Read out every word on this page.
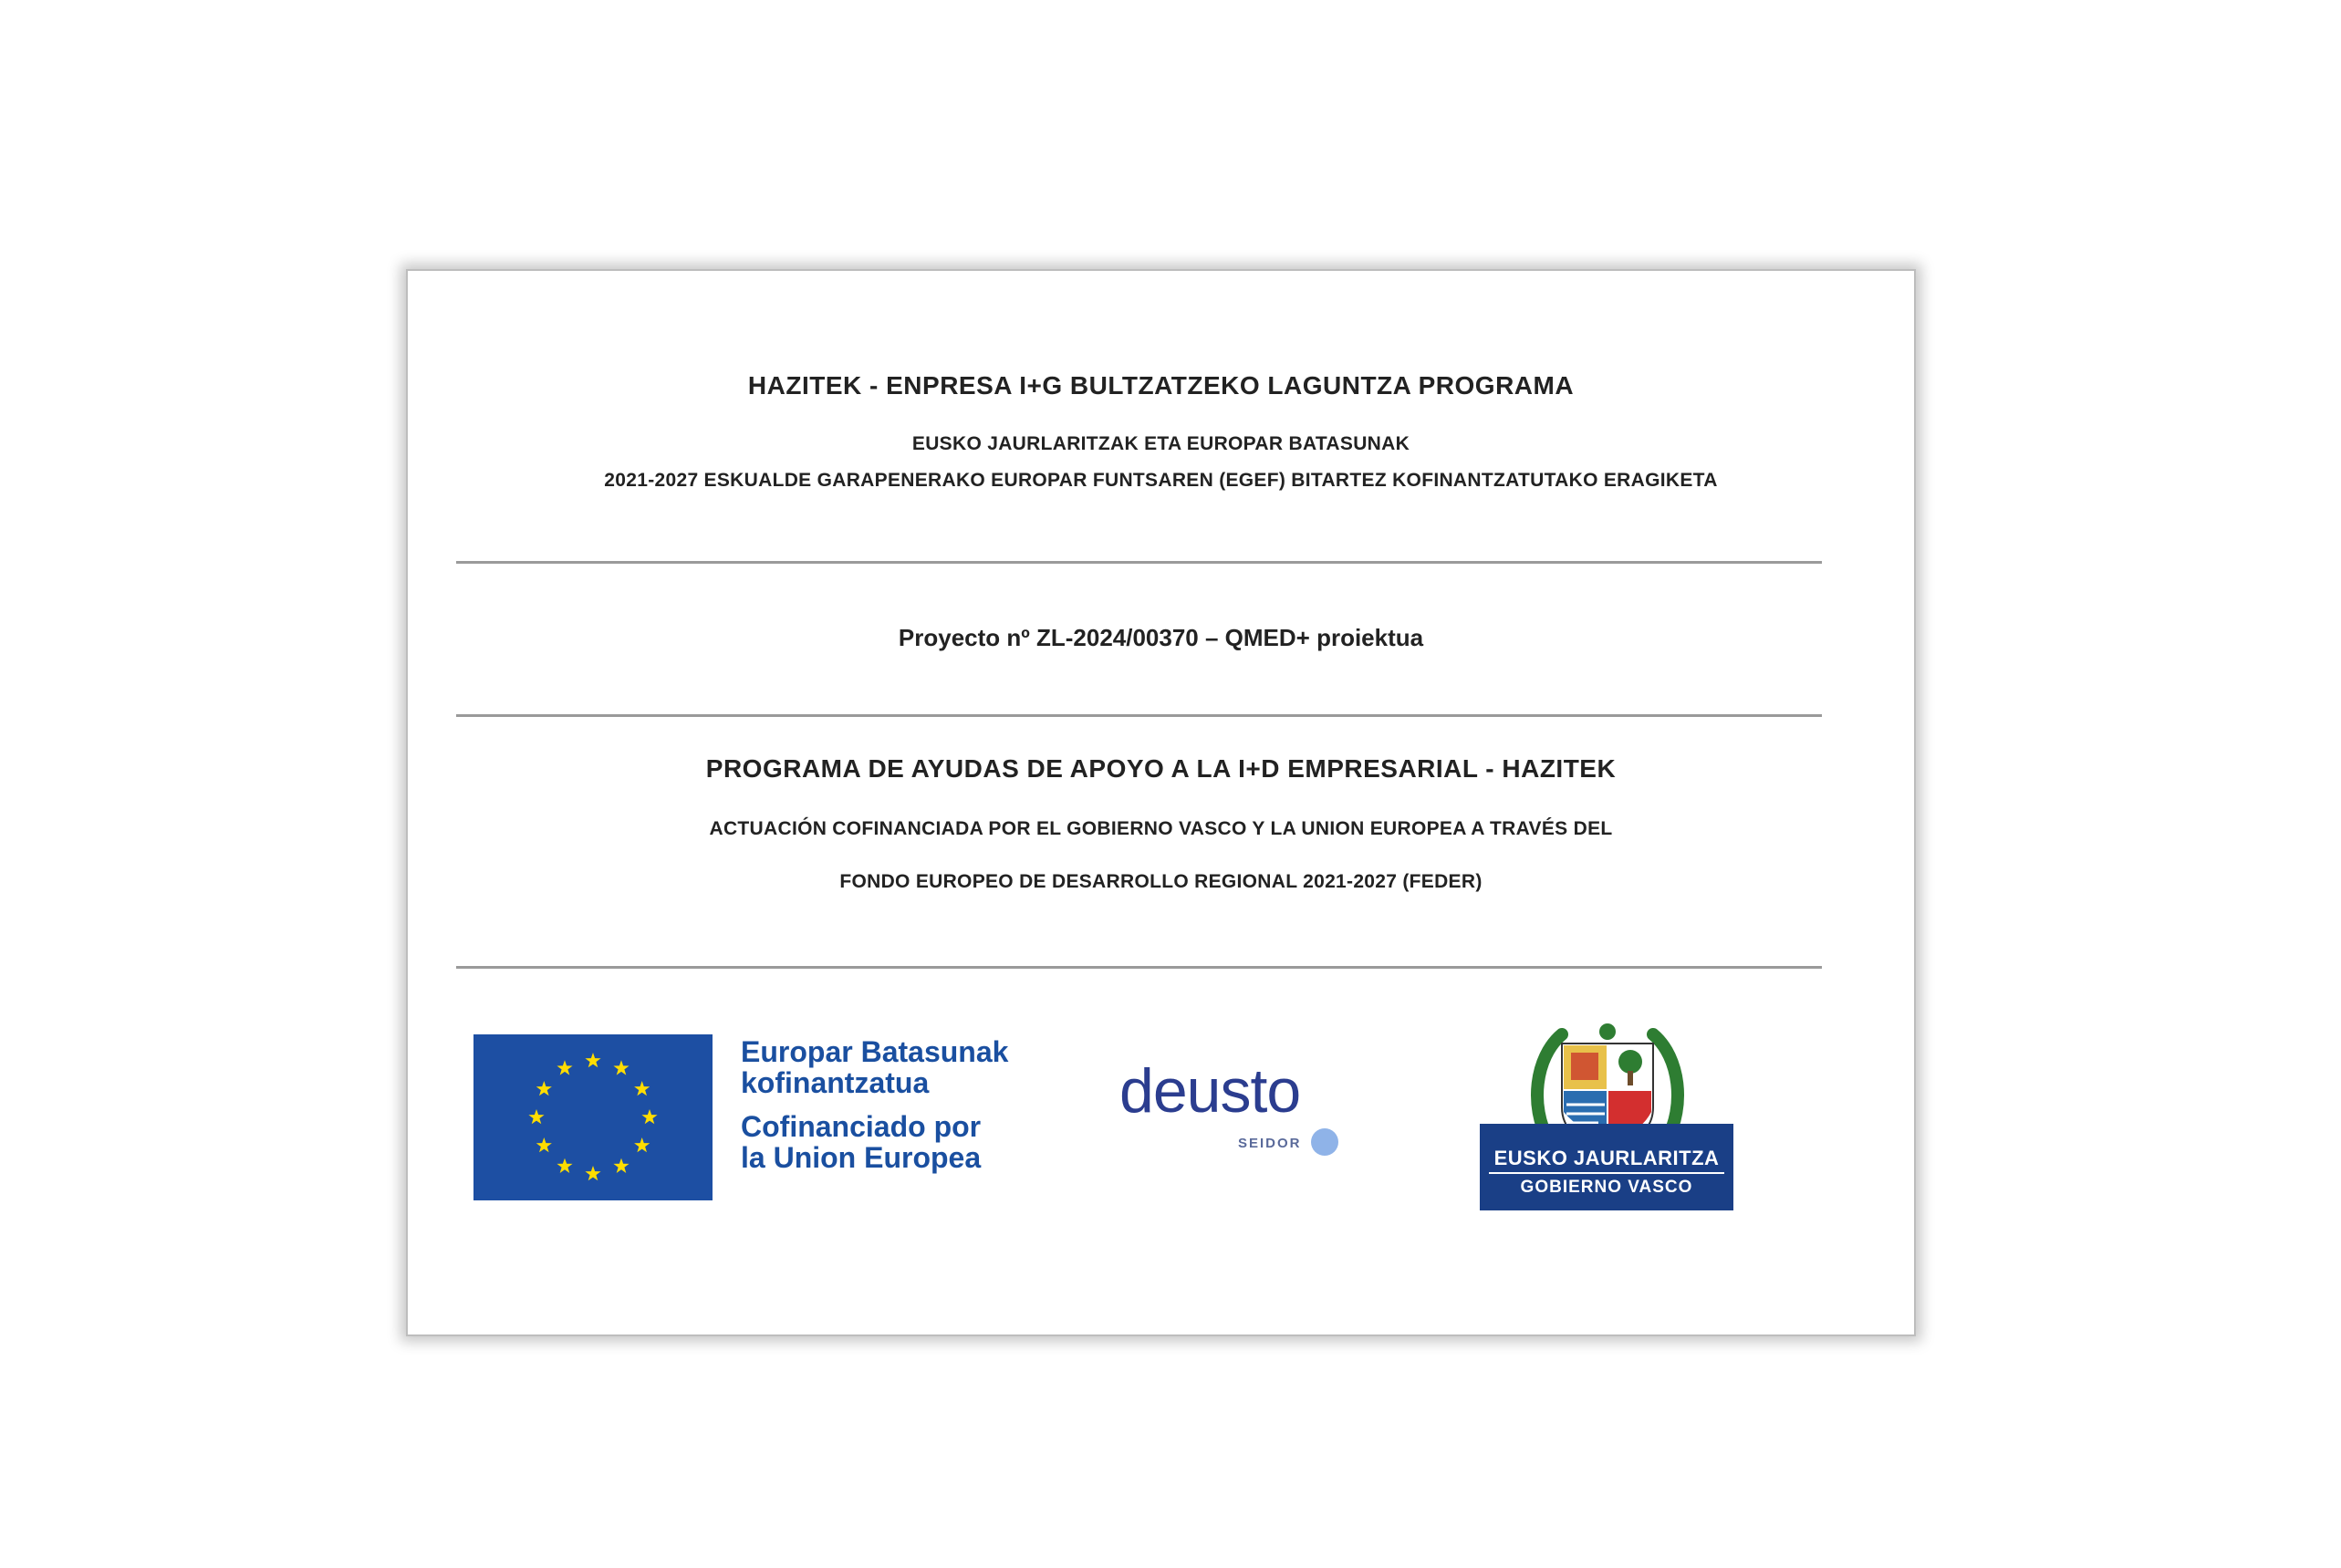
HAZITEK - ENPRESA I+G BULTZATZEKO LAGUNTZA PROGRAMA

EUSKO JAURLARITZAK ETA EUROPAR BATASUNAK

2021-2027 ESKUALDE GARAPENERAKO EUROPAR FUNTSAREN (EGEF) BITARTEZ KOFINANTZATUTAKO ERAGIKETA

Proyecto nº ZL-2024/00370 – QMED+ proiektua

PROGRAMA DE AYUDAS DE APOYO A LA I+D EMPRESARIAL - HAZITEK

ACTUACIÓN COFINANCIADA POR EL GOBIERNO VASCO Y LA UNION EUROPEA A TRAVÉS DEL

FONDO EUROPEO DE DESARROLLO REGIONAL 2021-2027 (FEDER)

Europar Batasunak
kofinantzatua
Cofinanciado por
la Union Europea
deusto
SEIDOR
EUSKO JAURLARITZA
GOBIERNO VASCO
